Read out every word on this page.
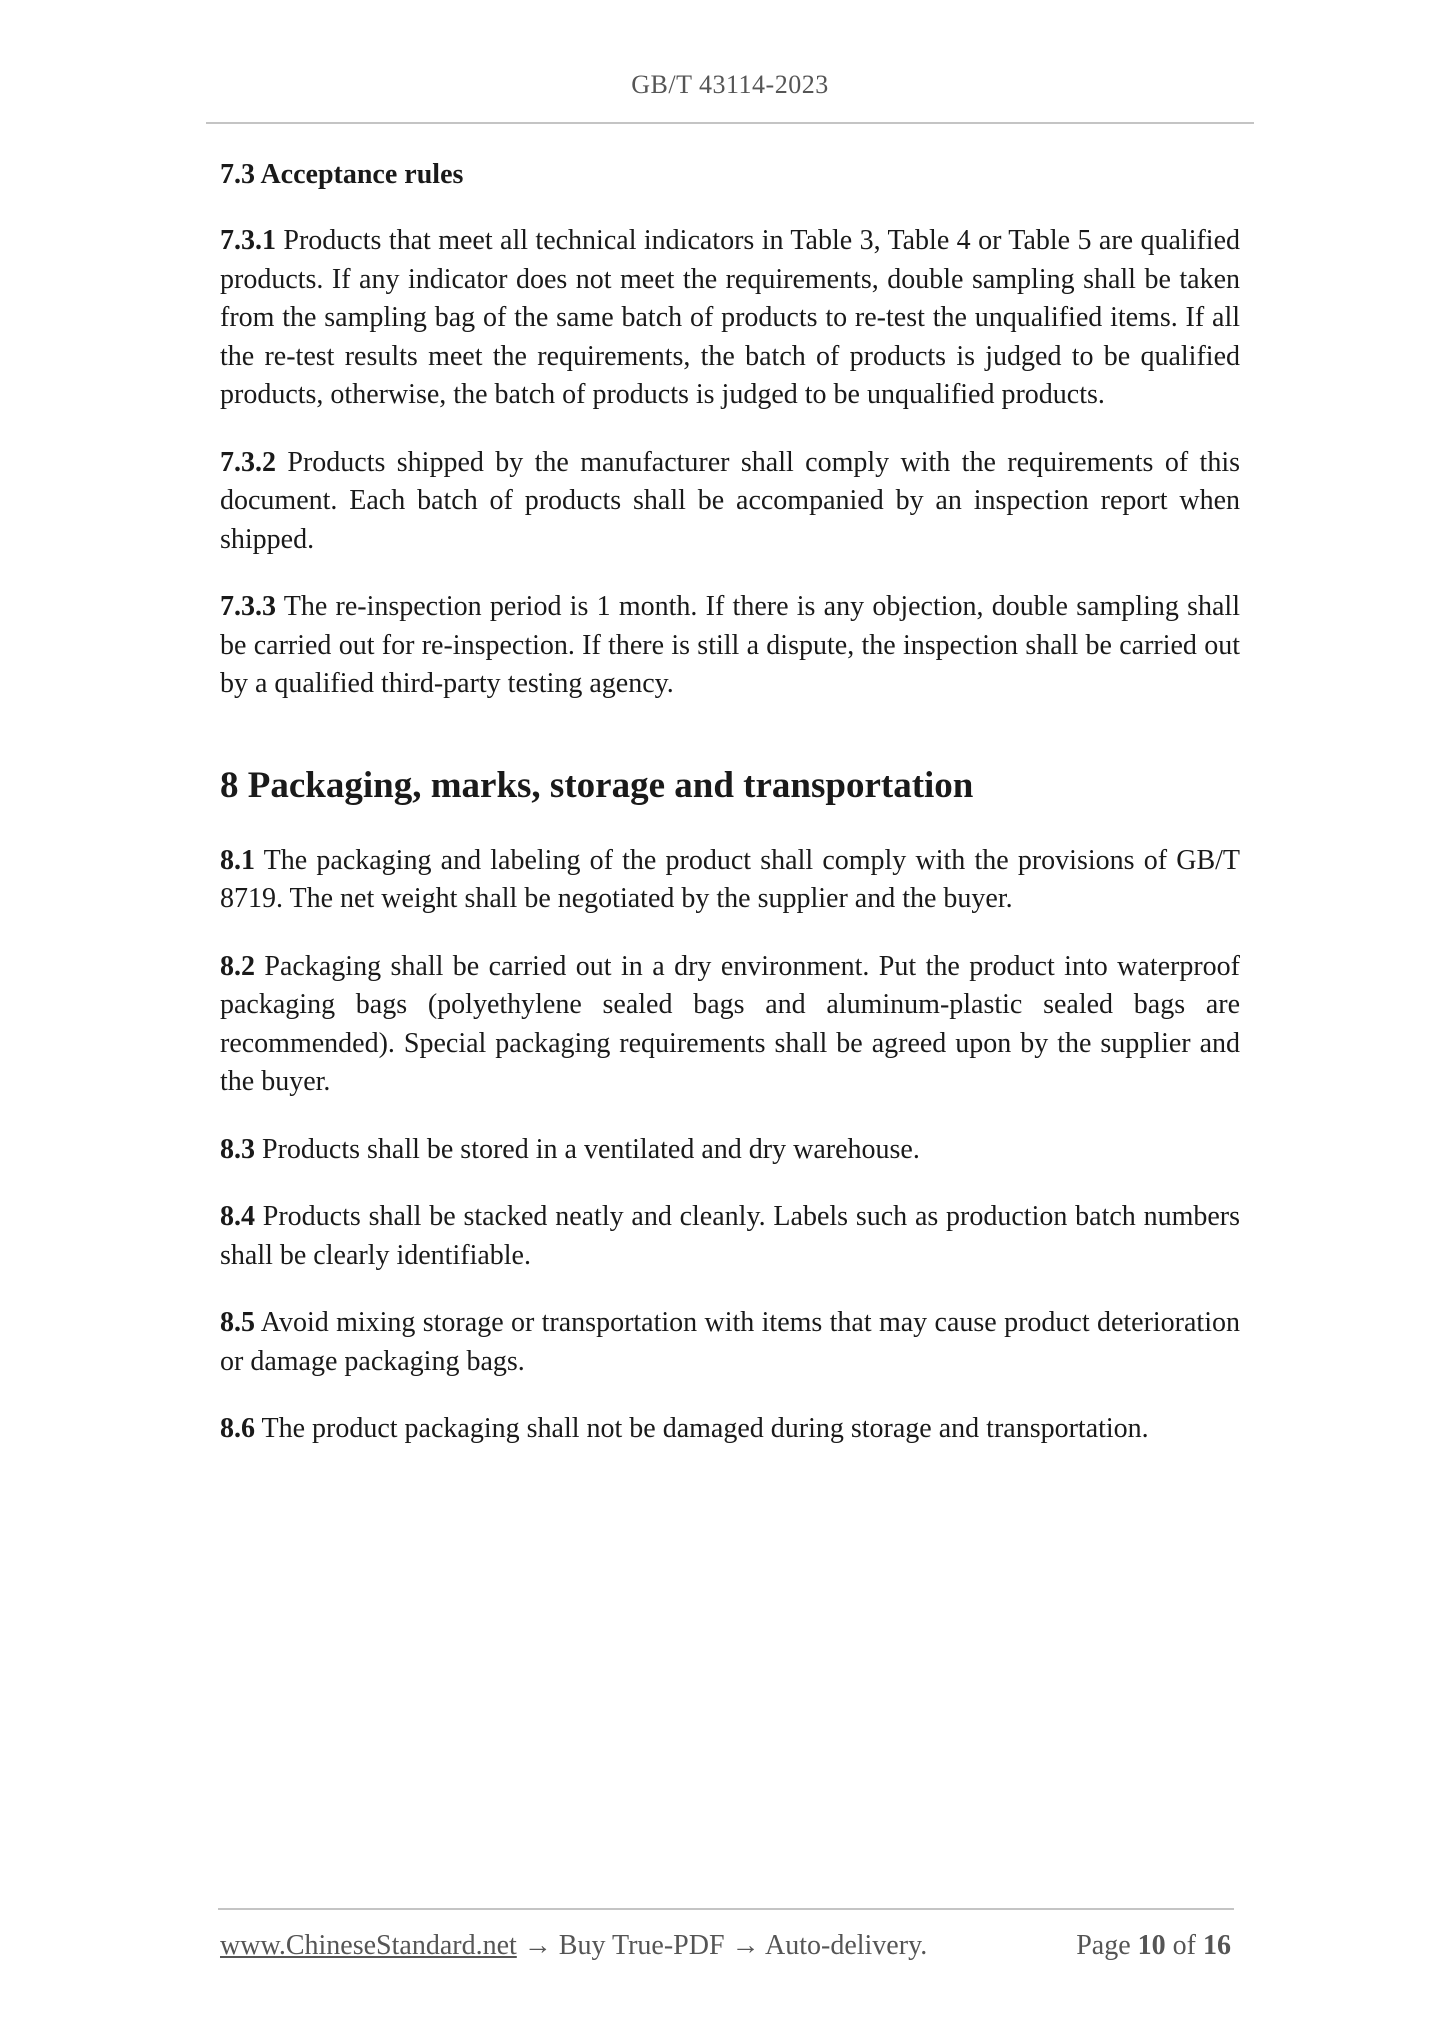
GB/T 43114-2023
7.3 Acceptance rules

7.3.1 Products that meet all technical indicators in Table 3, Table 4 or Table 5 are qualified products. If any indicator does not meet the requirements, double sampling shall be taken from the sampling bag of the same batch of products to re-test the unqualified items. If all the re-test results meet the requirements, the batch of products is judged to be qualified products, otherwise, the batch of products is judged to be unqualified products.

7.3.2 Products shipped by the manufacturer shall comply with the requirements of this document. Each batch of products shall be accompanied by an inspection report when shipped.

7.3.3 The re-inspection period is 1 month. If there is any objection, double sampling shall be carried out for re-inspection. If there is still a dispute, the inspection shall be carried out by a qualified third-party testing agency.

8 Packaging, marks, storage and transportation

8.1 The packaging and labeling of the product shall comply with the provisions of GB/T 8719. The net weight shall be negotiated by the supplier and the buyer.

8.2 Packaging shall be carried out in a dry environment. Put the product into waterproof packaging bags (polyethylene sealed bags and aluminum-plastic sealed bags are recommended). Special packaging requirements shall be agreed upon by the supplier and the buyer.

8.3 Products shall be stored in a ventilated and dry warehouse.

8.4 Products shall be stacked neatly and cleanly. Labels such as production batch numbers shall be clearly identifiable.

8.5 Avoid mixing storage or transportation with items that may cause product deterioration or damage packaging bags.

8.6 The product packaging shall not be damaged during storage and transportation.

www.ChineseStandard.net → Buy True-PDF → Auto-delivery.	Page 10 of 16
